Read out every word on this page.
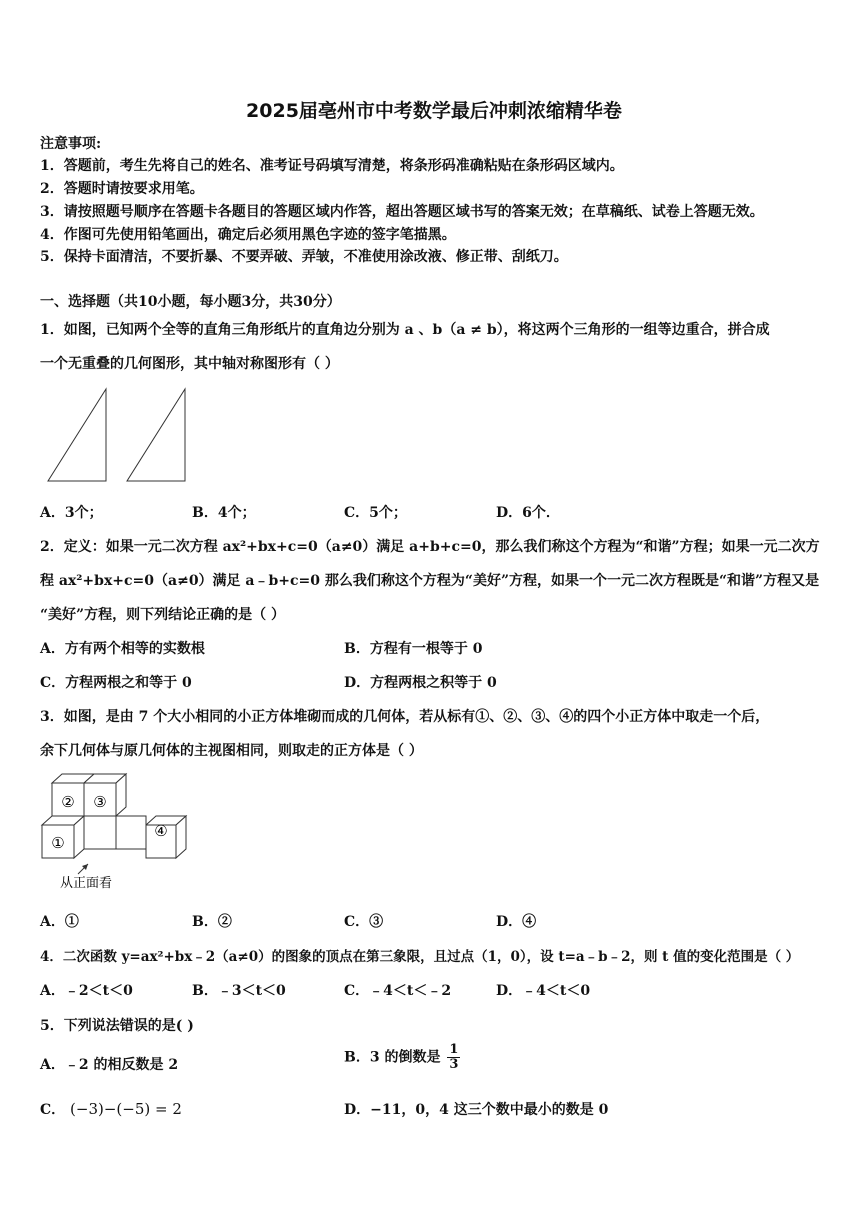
2025届亳州市中考数学最后冲刺浓缩精华卷
注意事项:
1．答题前，考生先将自己的姓名、准考证号码填写清楚，将条形码准确粘贴在条形码区域内。
2．答题时请按要求用笔。
3．请按照题号顺序在答题卡各题目的答题区域内作答，超出答题区域书写的答案无效；在草稿纸、试卷上答题无效。
4．作图可先使用铅笔画出，确定后必须用黑色字迹的签字笔描黑。
5．保持卡面清洁，不要折暴、不要弄破、弄皱，不准使用涂改液、修正带、刮纸刀。
一、选择题（共10小题，每小题3分，共30分）
1．如图，已知两个全等的直角三角形纸片的直角边分别为 a 、b（a ≠ b），将这两个三角形的一组等边重合，拼合成
一个无重叠的几何图形，其中轴对称图形有（ ）
A．3个；	B．4个；	C．5个；	D．6个．
2．定义：如果一元二次方程 ax²+bx+c=0（a≠0）满足 a+b+c=0，那么我们称这个方程为“和谐”方程；如果一元二次方
程 ax²+bx+c=0（a≠0）满足 a﹣b+c=0 那么我们称这个方程为“美好”方程，如果一个一元二次方程既是“和谐”方程又是
“美好”方程，则下列结论正确的是（ ）
A．方有两个相等的实数根	B．方程有一根等于 0
C．方程两根之和等于 0	D．方程两根之积等于 0
3．如图，是由 7 个大小相同的小正方体堆砌而成的几何体，若从标有①、②、③、④的四个小正方体中取走一个后，
余下几何体与原几何体的主视图相同，则取走的正方体是（ ）
② ③
①
④
从正面看
A．①	B．②	C．③	D．④
4．二次函数 y=ax²+bx﹣2（a≠0）的图象的顶点在第三象限，且过点（1，0），设 t=a﹣b﹣2，则 t 值的变化范围是（ ）
A．﹣2＜t＜0	B．﹣3＜t＜0	C．﹣4＜t＜﹣2	D．﹣4＜t＜0
5．下列说法错误的是( )
A．﹣2 的相反数是 2	B．3 的倒数是 $\frac{1}{3}$
C． (−3)−(−5) = 2	D．−11，0，4 这三个数中最小的数是 0
